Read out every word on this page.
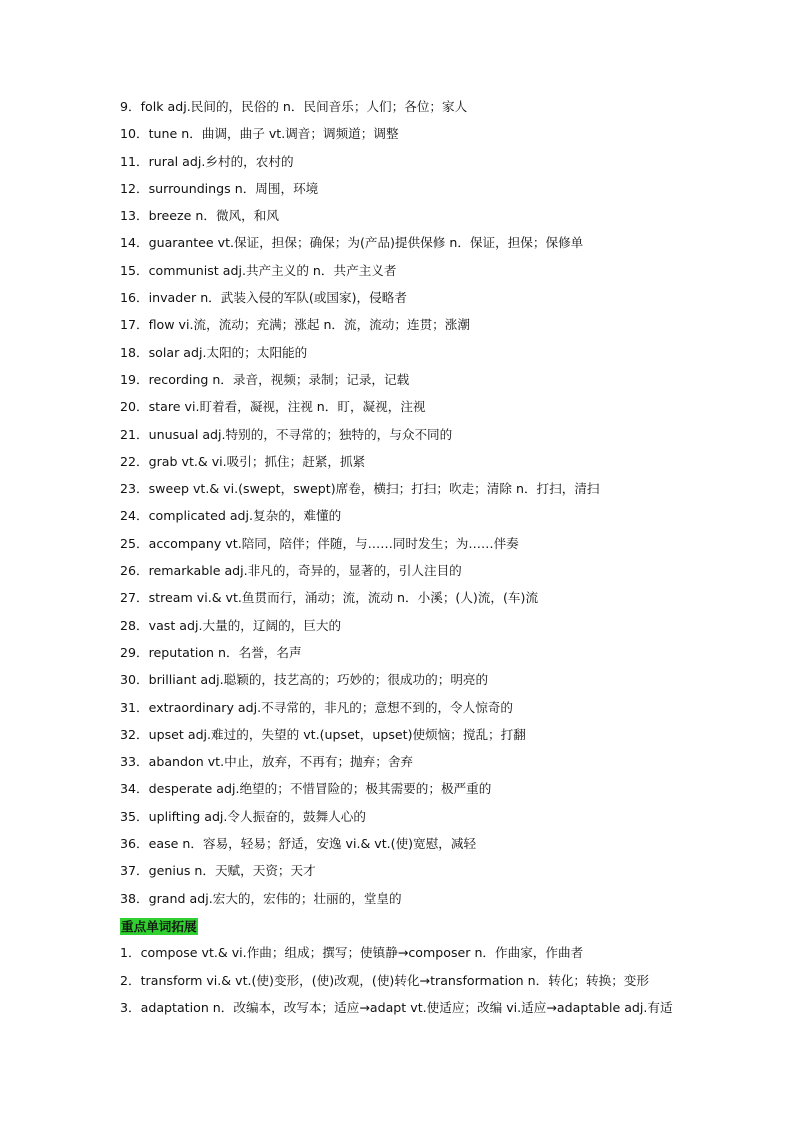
9．folk adj.民间的，民俗的 n．民间音乐；人们；各位；家人
10．tune n．曲调，曲子 vt.调音；调频道；调整
11．rural adj.乡村的，农村的
12．surroundings n．周围，环境
13．breeze n．微风，和风
14．guarantee vt.保证，担保；确保；为(产品)提供保修 n．保证，担保；保修单
15．communist adj.共产主义的 n．共产主义者
16．invader n．武装入侵的军队(或国家)，侵略者
17．flow vi.流，流动；充满；涨起 n．流，流动；连贯；涨潮
18．solar adj.太阳的；太阳能的
19．recording n．录音，视频；录制；记录，记载
20．stare vi.盯着看，凝视，注视 n．盯，凝视，注视
21．unusual adj.特别的，不寻常的；独特的，与众不同的
22．grab vt.& vi.吸引；抓住；赶紧，抓紧
23．sweep vt.& vi.(swept，swept)席卷，横扫；打扫；吹走；清除 n．打扫，清扫
24．complicated adj.复杂的，难懂的
25．accompany vt.陪同，陪伴；伴随，与……同时发生；为……伴奏
26．remarkable adj.非凡的，奇异的，显著的，引人注目的
27．stream vi.& vt.鱼贯而行，涌动；流，流动 n．小溪；(人)流，(车)流
28．vast adj.大量的，辽阔的，巨大的
29．reputation n．名誉，名声
30．brilliant adj.聪颖的，技艺高的；巧妙的；很成功的；明亮的
31．extraordinary adj.不寻常的，非凡的；意想不到的，令人惊奇的
32．upset adj.难过的，失望的 vt.(upset，upset)使烦恼；搅乱；打翻
33．abandon vt.中止，放弃，不再有；抛弃；舍弃
34．desperate adj.绝望的；不惜冒险的；极其需要的；极严重的
35．uplifting adj.令人振奋的，鼓舞人心的
36．ease n．容易，轻易；舒适，安逸 vi.& vt.(使)宽慰，减轻
37．genius n．天赋，天资；天才
38．grand adj.宏大的，宏伟的；壮丽的，堂皇的
重点单词拓展
1．compose vt.& vi.作曲；组成；撰写；使镇静→composer n．作曲家，作曲者
2．transform vi.& vt.(使)变形，(使)改观，(使)转化→transformation n．转化；转换；变形
3．adaptation n．改编本，改写本；适应→adapt vt.使适应；改编 vi.适应→adaptable adj.有适
